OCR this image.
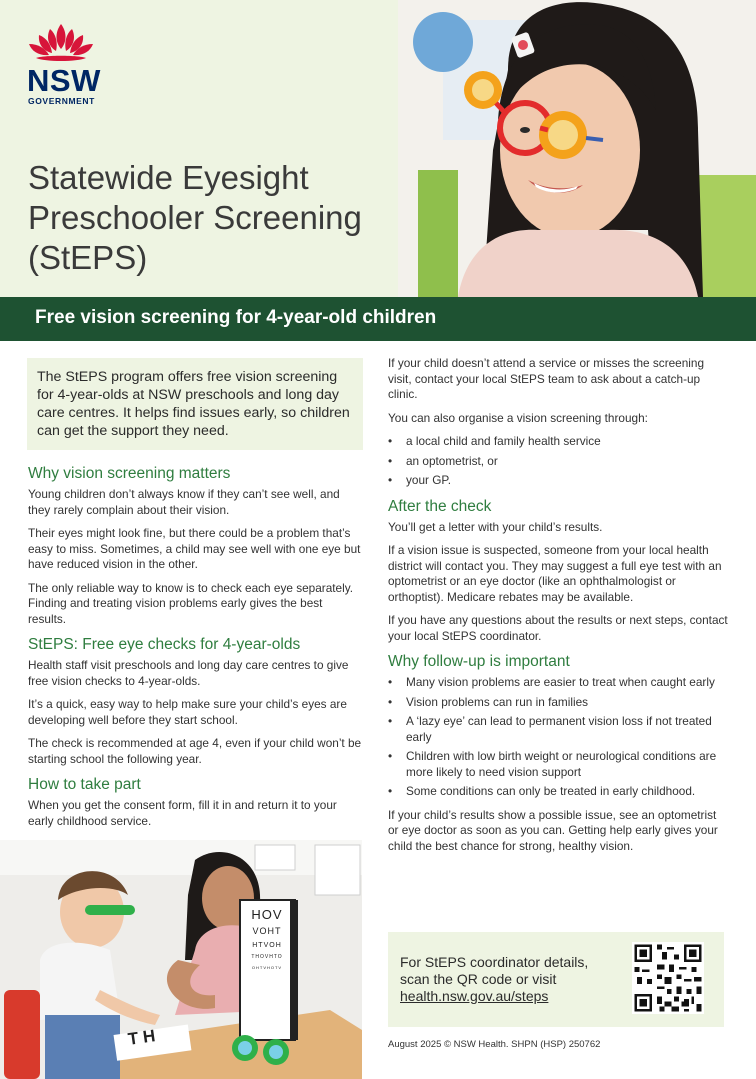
NSW
GOVERNMENT
Statewide Eyesight
Preschooler Screening
(StEPS)
Free vision screening for 4-year-old children

The StEPS program offers free vision screening for 4-year-olds at NSW preschools and long day care centres. It helps find issues early, so children can get the support they need.

Why vision screening matters

Young children don’t always know if they can’t see well, and they rarely complain about their vision.

Their eyes might look fine, but there could be a problem that’s easy to miss. Sometimes, a child may see well with one eye but have reduced vision in the other.

The only reliable way to know is to check each eye separately. Finding and treating vision problems early gives the best results.

StEPS: Free eye checks for 4-year-olds

Health staff visit preschools and long day care centres to give free vision checks to 4-year-olds.

It’s a quick, easy way to help make sure your child’s eyes are developing well before they start school.

The check is recommended at age 4, even if your child won’t be starting school the following year.

How to take part

When you get the consent form, fill it in and return it to your early childhood service.

HOV
VOHT
HTVOH
THOVHTO
OHTVHOTV
T H

If your child doesn’t attend a service or misses the screening visit, contact your local StEPS team to ask about a catch-up clinic.

You can also organise a vision screening through:

• a local child and family health service
• an optometrist, or
• your GP.
After the check

You’ll get a letter with your child’s results.

If a vision issue is suspected, someone from your local health district will contact you. They may suggest a full eye test with an optometrist or an eye doctor (like an ophthalmologist or orthoptist). Medicare rebates may be available.

If you have any questions about the results or next steps, contact your local StEPS coordinator.

Why follow-up is important
• Many vision problems are easier to treat when caught early
• Vision problems can run in families
• A ‘lazy eye’ can lead to permanent vision loss if not treated early
• Children with low birth weight or neurological conditions are more likely to need vision support
• Some conditions can only be treated in early childhood.

If your child’s results show a possible issue, see an optometrist or eye doctor as soon as you can. Getting help early gives your child the best chance for strong, healthy vision.

For StEPS coordinator details, scan the QR code or visit
health.nsw.gov.au/steps
August 2025 © NSW Health. SHPN (HSP) 250762
